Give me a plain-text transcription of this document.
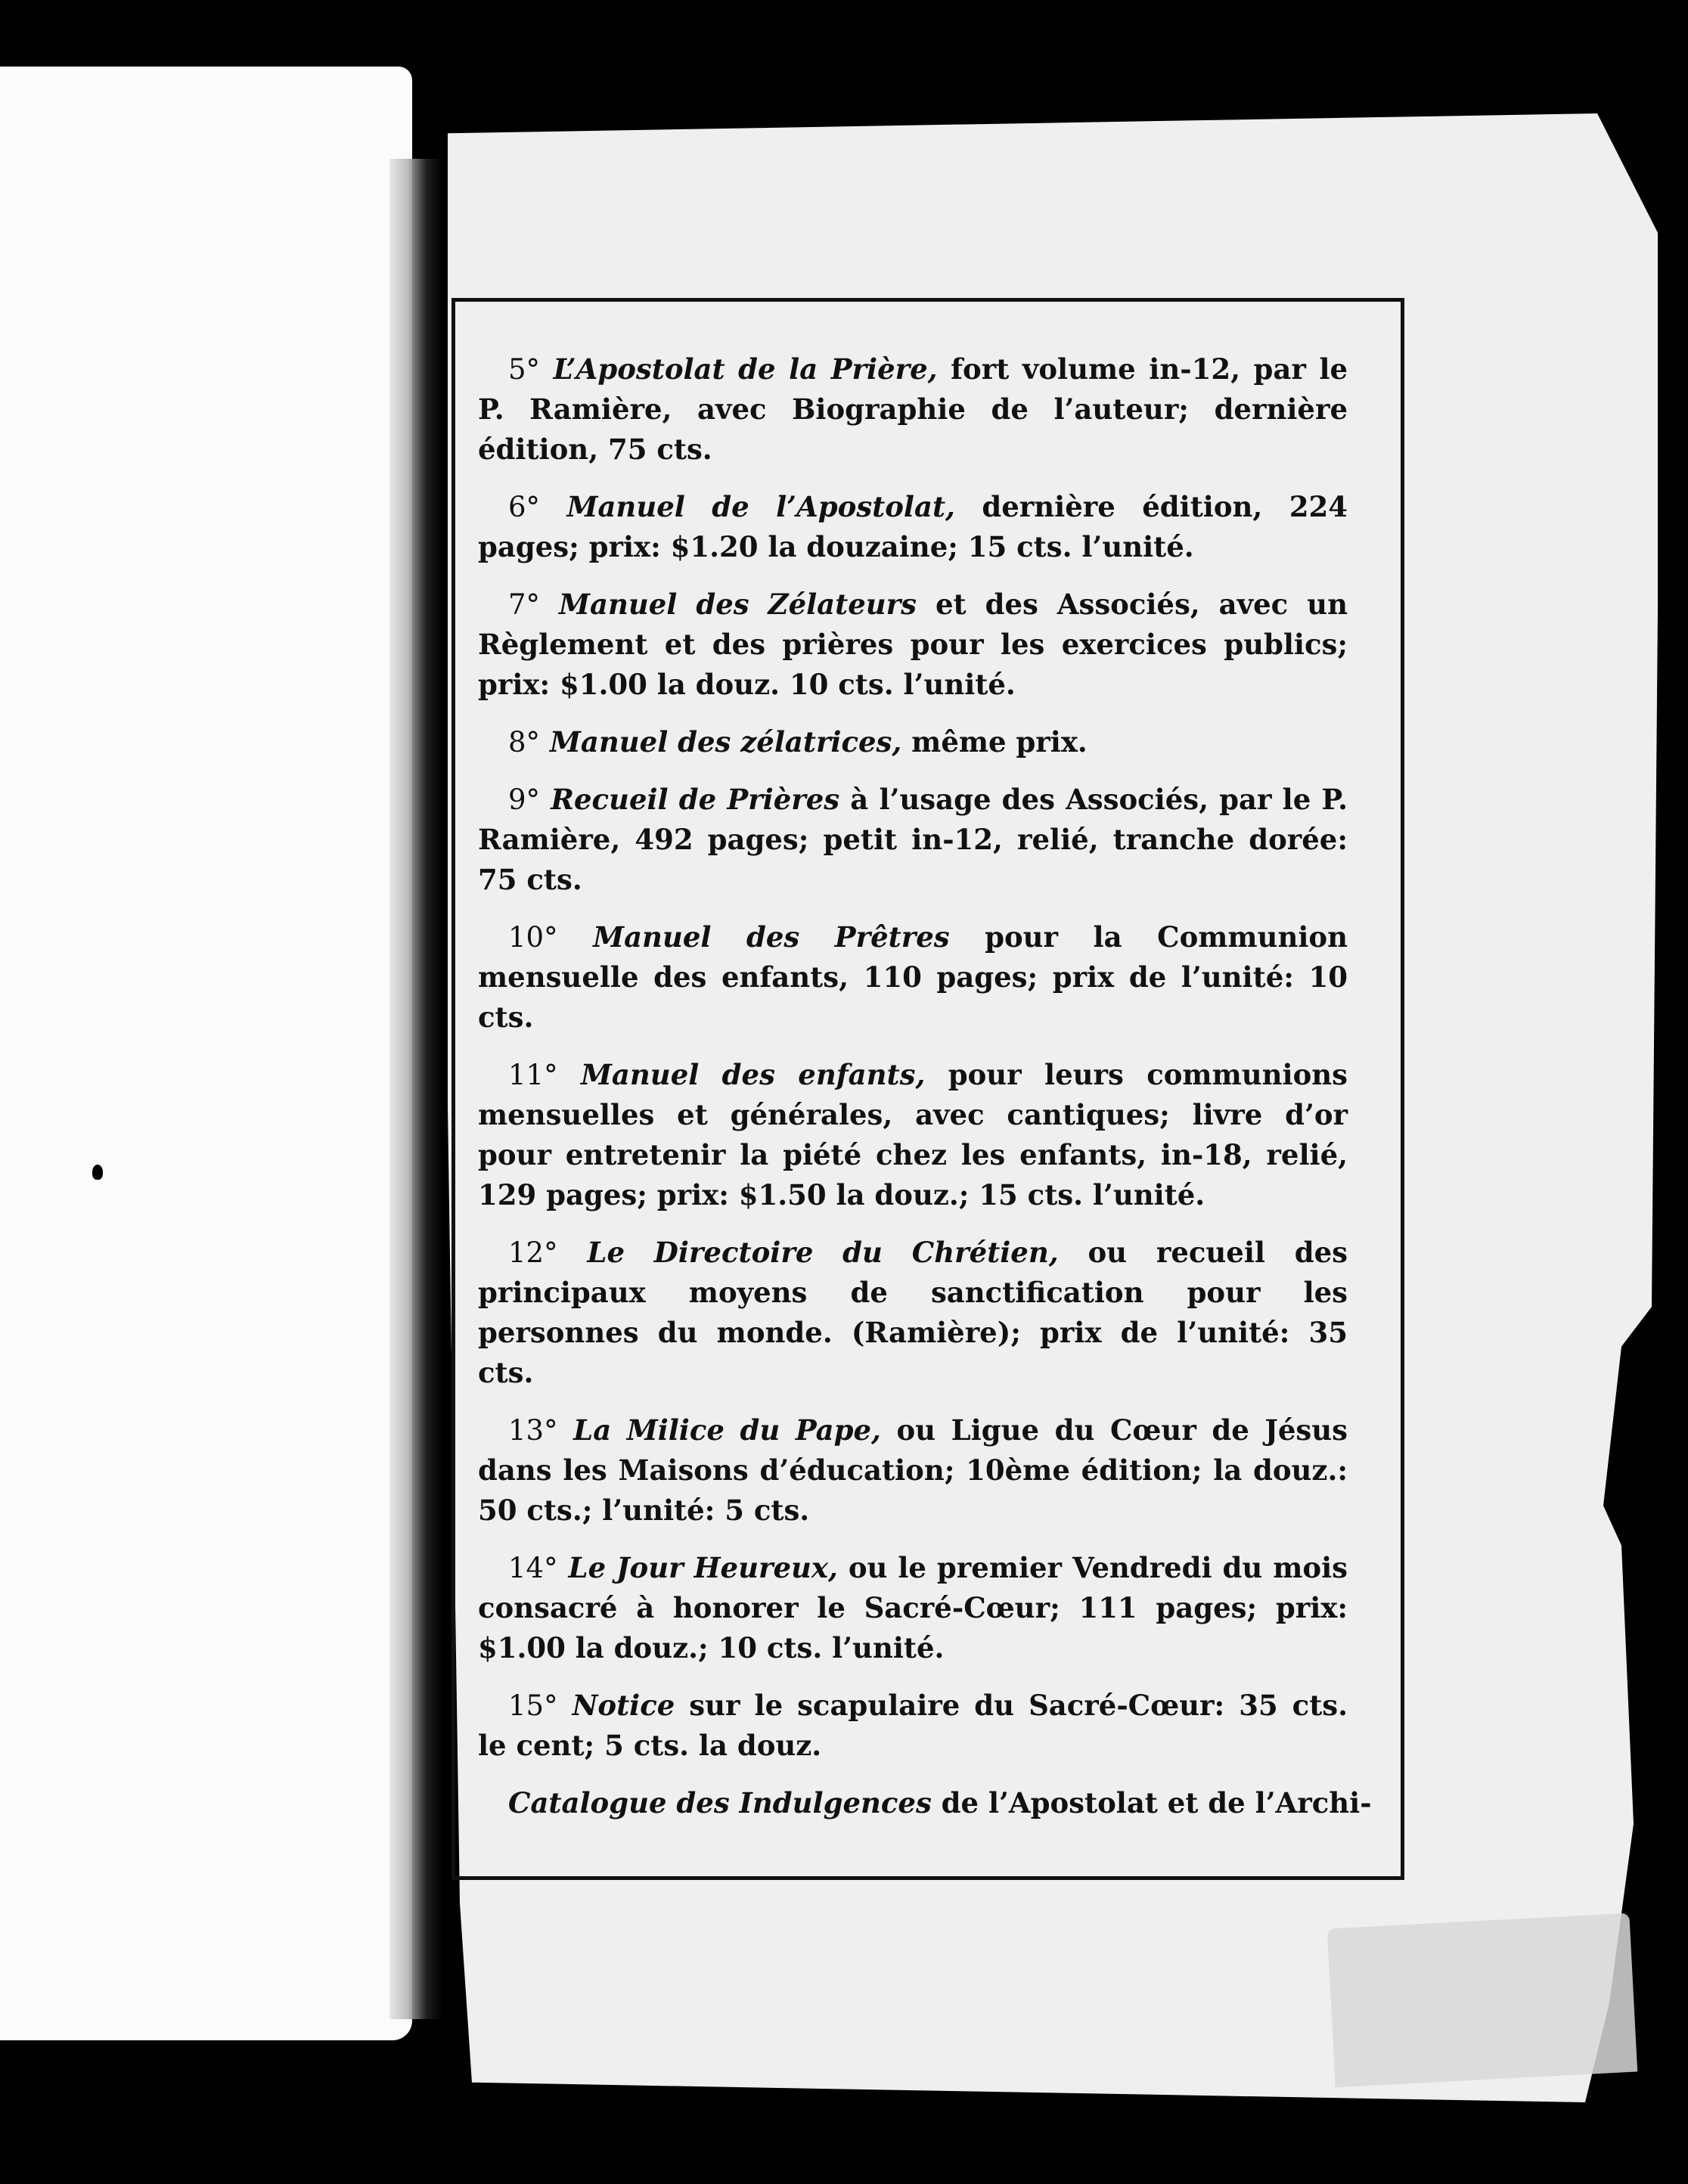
5° L’Apostolat de la Prière, fort volume in-12, par le P. Ramière, avec Biographie de l’auteur; dernière édition, 75 cts.

6° Manuel de l’Apostolat, dernière édition, 224 pages; prix: $1.20 la douzaine; 15 cts. l’unité.

7° Manuel des Zélateurs et des Associés, avec un Règlement et des prières pour les exercices publics; prix: $1.00 la douz. 10 cts. l’unité.

8° Manuel des zélatrices, même prix.

9° Recueil de Prières à l’usage des Associés, par le P. Ramière, 492 pages; petit in-12, relié, tranche dorée: 75 cts.

10° Manuel des Prêtres pour la Communion mensuelle des enfants, 110 pages; prix de l’unité: 10 cts.

11° Manuel des enfants, pour leurs communions mensuelles et générales, avec cantiques; livre d’or pour entretenir la piété chez les enfants, in-18, relié, 129 pages; prix: $1.50 la douz.; 15 cts. l’unité.

12° Le Directoire du Chrétien, ou recueil des principaux moyens de sanctification pour les personnes du monde. (Ramière); prix de l’unité: 35 cts.

13° La Milice du Pape, ou Ligue du Cœur de Jésus dans les Maisons d’éducation; 10ème édition; la douz.: 50 cts.; l’unité: 5 cts.

14° Le Jour Heureux, ou le premier Vendredi du mois consacré à honorer le Sacré-Cœur; 111 pages; prix: $1.00 la douz.; 10 cts. l’unité.

15° Notice sur le scapulaire du Sacré-Cœur: 35 cts. le cent; 5 cts. la douz.

Catalogue des Indulgences de l’Apostolat et de l’Archi-
